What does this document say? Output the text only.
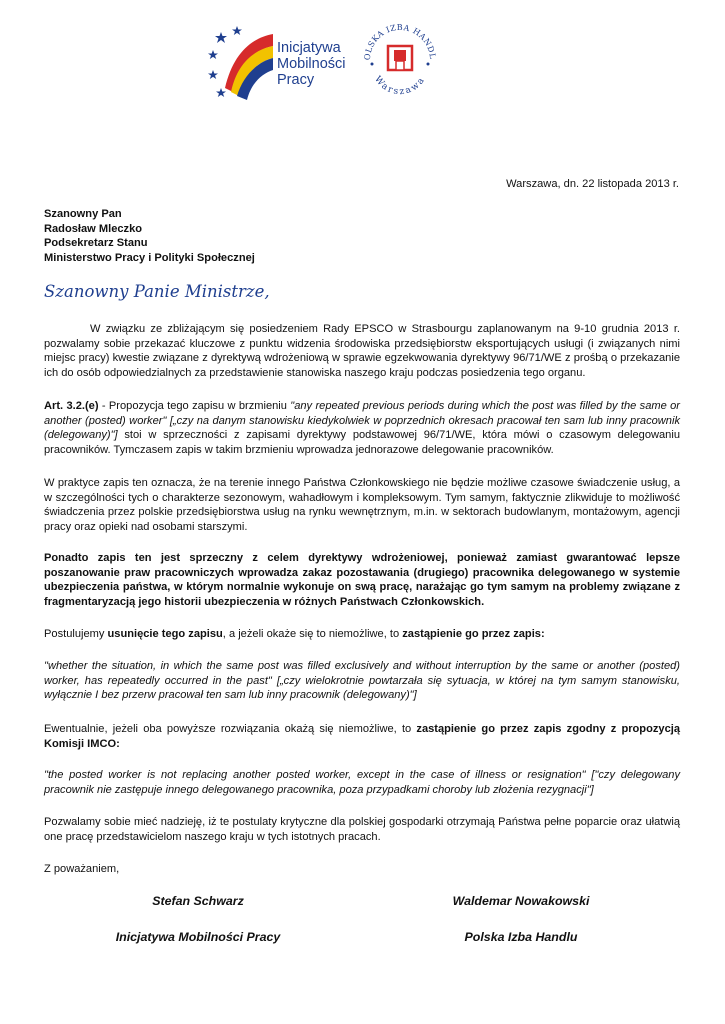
Inicjatywa
Mobilności
Pracy
OLSKA IZBA HANDL
Warszawa
Warszawa, dn. 22 listopada 2013 r.
Szanowny Pan
Radosław Mleczko
Podsekretarz Stanu
Ministerstwo Pracy i Polityki Społecznej
Szanowny Panie Ministrze,

W związku ze zbliżającym się posiedzeniem Rady EPSCO w Strasbourgu zaplanowanym na 9-10 grudnia 2013 r. pozwalamy sobie przekazać kluczowe z punktu widzenia środowiska przedsiębiorstw eksportujących usługi (i związanych nimi miejsc pracy) kwestie związane z dyrektywą wdrożeniową w sprawie egzekwowania dyrektywy 96/71/WE z prośbą o przekazanie ich do osób odpowiedzialnych za przedstawienie stanowiska naszego kraju podczas posiedzenia tego organu.

Art. 3.2.(e) - Propozycja tego zapisu w brzmieniu "any repeated previous periods during which the post was filled by the same or another (posted) worker" [„czy na danym stanowisku kiedykolwiek w poprzednich okresach pracował ten sam lub inny pracownik (delegowany)"] stoi w sprzeczności z zapisami dyrektywy podstawowej 96/71/WE, która mówi o czasowym delegowaniu pracowników. Tymczasem zapis w takim brzmieniu wprowadza jednorazowe delegowanie pracowników.

W praktyce zapis ten oznacza, że na terenie innego Państwa Członkowskiego nie będzie możliwe czasowe świadczenie usług, a w szczególności tych o charakterze sezonowym, wahadłowym i kompleksowym. Tym samym, faktycznie zlikwiduje to możliwość świadczenia przez polskie przedsiębiorstwa usług na rynku wewnętrznym, m.in. w sektorach budowlanym, montażowym, agencji pracy oraz opieki nad osobami starszymi.

Ponadto zapis ten jest sprzeczny z celem dyrektywy wdrożeniowej, ponieważ zamiast gwarantować lepsze poszanowanie praw pracowniczych wprowadza zakaz pozostawania (drugiego) pracownika delegowanego w systemie ubezpieczenia państwa, w którym normalnie wykonuje on swą pracę, narażając go tym samym na problemy związane z fragmentaryzacją jego historii ubezpieczenia w różnych Państwach Członkowskich.

Postulujemy usunięcie tego zapisu, a jeżeli okaże się to niemożliwe, to zastąpienie go przez zapis:

"whether the situation, in which the same post was filled exclusively and without interruption by the same or another (posted) worker, has repeatedly occurred in the past" [„czy wielokrotnie powtarzała się sytuacja, w której na tym samym stanowisku, wyłącznie I bez przerw pracował ten sam lub inny pracownik (delegowany)"]

Ewentualnie, jeżeli oba powyższe rozwiązania okażą się niemożliwe, to zastąpienie go przez zapis zgodny z propozycją Komisji IMCO:

"the posted worker is not replacing another posted worker, except in the case of illness or resignation" ["czy delegowany pracownik nie zastępuje innego delegowanego pracownika, poza przypadkami choroby lub złożenia rezygnacji"]

Pozwalamy sobie mieć nadzieję, iż te postulaty krytyczne dla polskiej gospodarki otrzymają Państwa pełne poparcie oraz ułatwią one pracę przedstawicielom naszego kraju w tych istotnych pracach.

Z poważaniem,
Stefan Schwarz
Inicjatywa Mobilności Pracy
Waldemar Nowakowski
Polska Izba Handlu
